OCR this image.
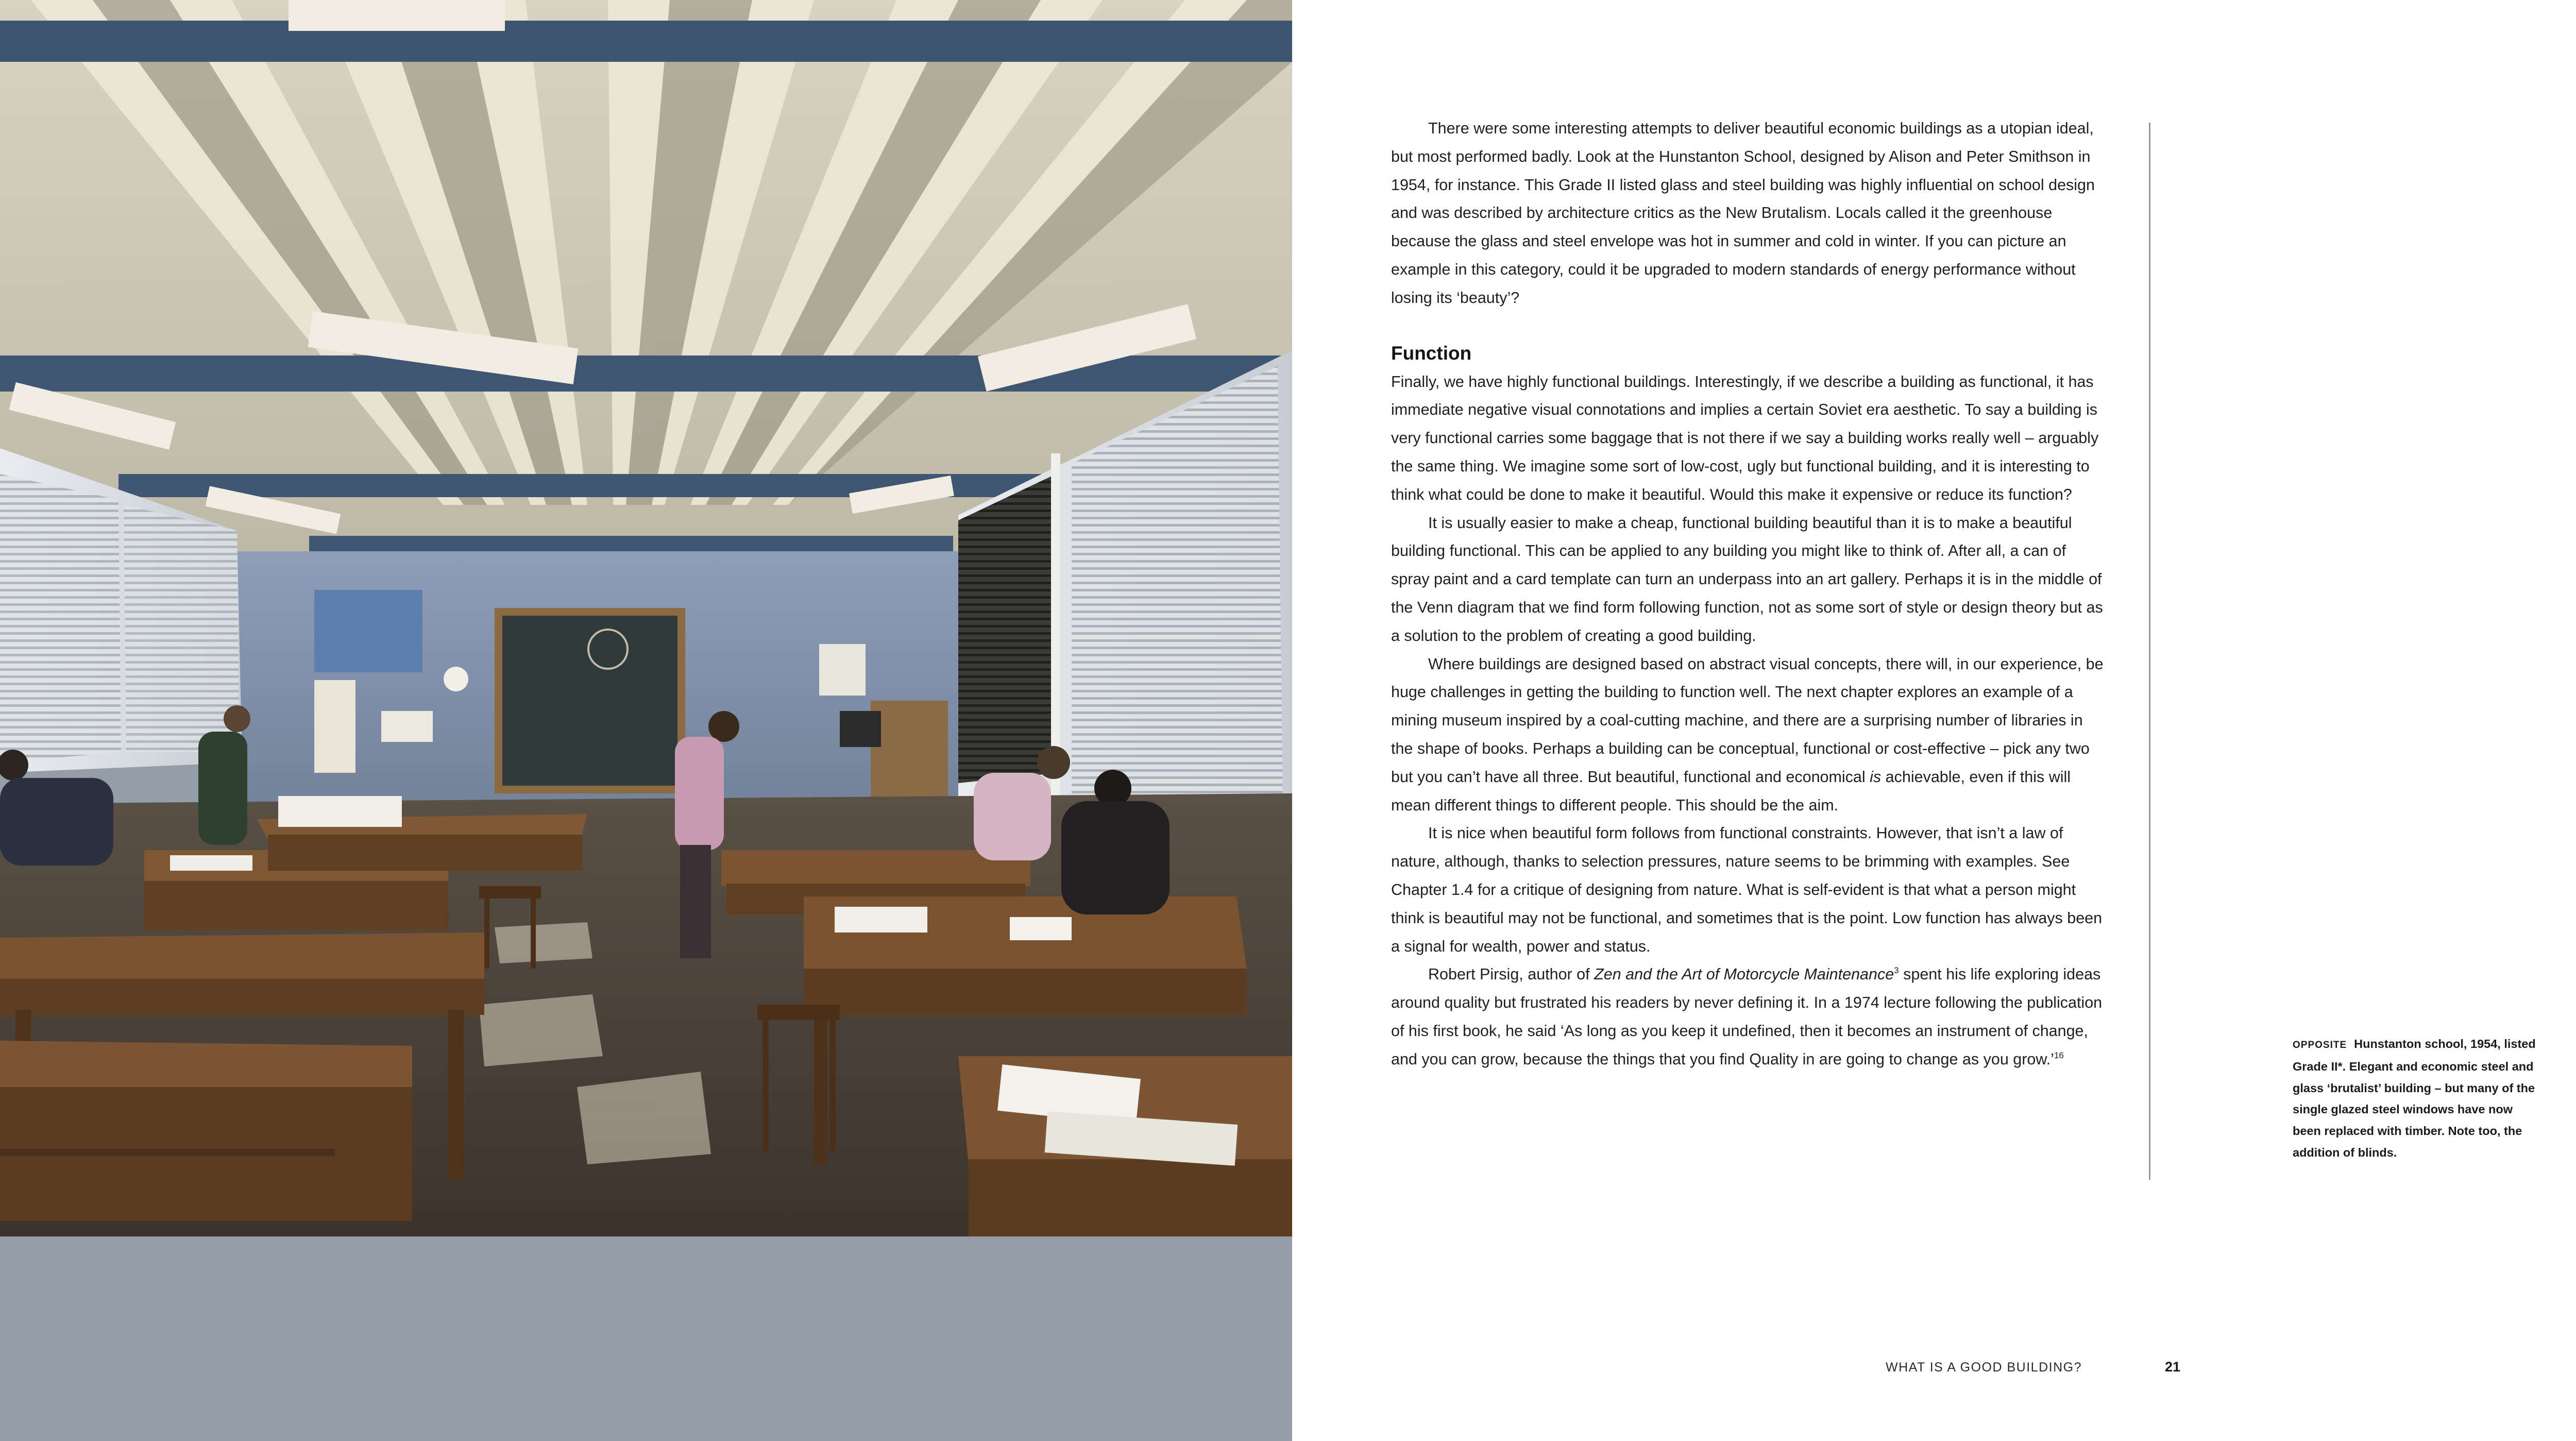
There were some interesting attempts to deliver beautiful economic buildings as a utopian ideal, but most performed badly. Look at the Hunstanton School, designed by Alison and Peter Smithson in 1954, for instance. This Grade II listed glass and steel building was highly influential on school design and was described by architecture critics as the New Brutalism. Locals called it the greenhouse because the glass and steel envelope was hot in summer and cold in winter. If you can picture an example in this category, could it be upgraded to modern standards of energy performance without losing its ‘beauty’?

Function

Finally, we have highly functional buildings. Interestingly, if we describe a building as functional, it has immediate negative visual connotations and implies a certain Soviet era aesthetic. To say a building is very functional carries some baggage that is not there if we say a building works really well – arguably the same thing. We imagine some sort of low-cost, ugly but functional building, and it is interesting to think what could be done to make it beautiful. Would this make it expensive or reduce its function?

It is usually easier to make a cheap, functional building beautiful than it is to make a beautiful building functional. This can be applied to any building you might like to think of. After all, a can of spray paint and a card template can turn an underpass into an art gallery. Perhaps it is in the middle of the Venn diagram that we find form following function, not as some sort of style or design theory but as a solution to the problem of creating a good building.

Where buildings are designed based on abstract visual concepts, there will, in our experience, be huge challenges in getting the building to function well. The next chapter explores an example of a mining museum inspired by a coal-cutting machine, and there are a surprising number of libraries in the shape of books. Perhaps a building can be conceptual, functional or cost-effective – pick any two but you can’t have all three. But beautiful, functional and economical is achievable, even if this will mean different things to different people. This should be the aim.

It is nice when beautiful form follows from functional constraints. However, that isn’t a law of nature, although, thanks to selection pressures, nature seems to be brimming with examples. See Chapter 1.4 for a critique of designing from nature. What is self-evident is that what a person might think is beautiful may not be functional, and sometimes that is the point. Low function has always been a signal for wealth, power and status.

Robert Pirsig, author of Zen and the Art of Motorcycle Maintenance$^3$ spent his life exploring ideas around quality but frustrated his readers by never defining it. In a 1974 lecture following the publication of his first book, he said ‘As long as you keep it undefined, then it becomes an instrument of change, and you can grow, because the things that you find Quality in are going to change as you grow.’$^{16}$

OPPOSITE Hunstanton school, 1954, listed Grade II*. Elegant and economic steel and glass ‘brutalist’ building – but many of the single glazed steel windows have now been replaced with timber. Note too, the addition of blinds.
WHAT IS A GOOD BUILDING?	21
